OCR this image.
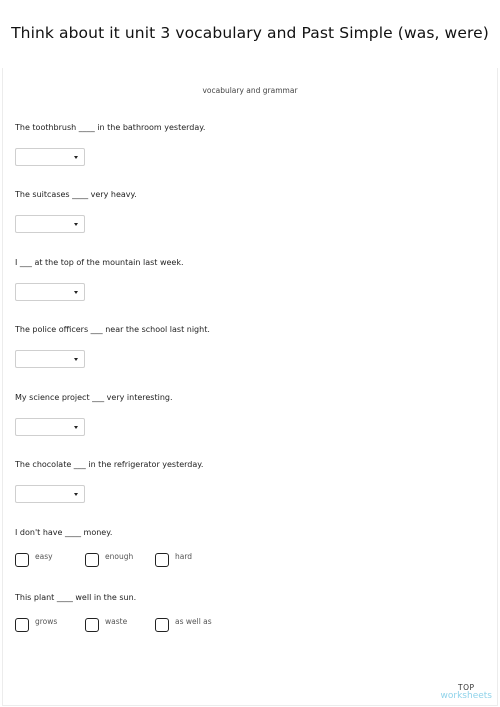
Think about it unit 3 vocabulary and Past Simple (was, were)
vocabulary and grammar
The toothbrush ____ in the bathroom yesterday.
The suitcases ____ very heavy.
I ___ at the top of the mountain last week.
The police officers ___ near the school last night.
My science project ___ very interesting.
The chocolate ___ in the refrigerator yesterday.
I don't have ____ money.
easy	enough	hard
This plant ____ well in the sun.
grows	waste	as well as
TOP
worksheets
